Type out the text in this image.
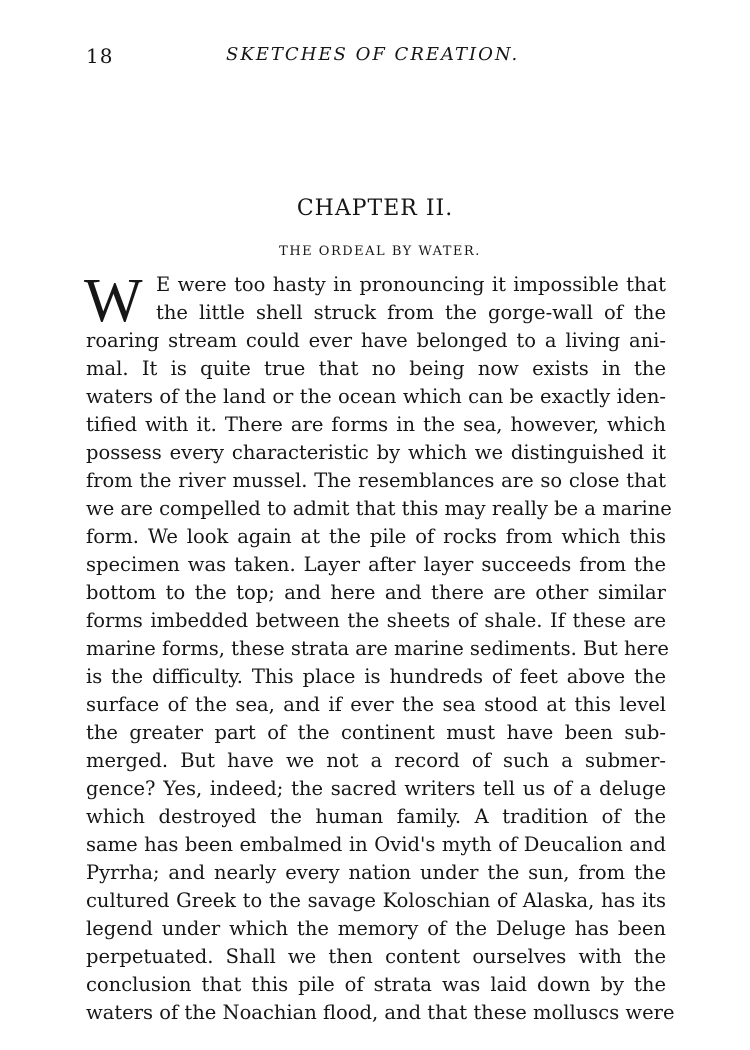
18	SKETCHES OF CREATION.
CHAPTER II.
THE ORDEAL BY WATER.
W E were too hasty in pronouncing it impossible that
the little shell struck from the gorge-wall of the
roaring stream could ever have belonged to a living ani-
mal. It is quite true that no being now exists in the
waters of the land or the ocean which can be exactly iden-
tified with it. There are forms in the sea, however, which
possess every characteristic by which we distinguished it
from the river mussel. The resemblances are so close that
we are compelled to admit that this may really be a marine
form. We look again at the pile of rocks from which this
specimen was taken. Layer after layer succeeds from the
bottom to the top; and here and there are other similar
forms imbedded between the sheets of shale. If these are
marine forms, these strata are marine sediments. But here
is the difficulty. This place is hundreds of feet above the
surface of the sea, and if ever the sea stood at this level
the greater part of the continent must have been sub-
merged. But have we not a record of such a submer-
gence? Yes, indeed; the sacred writers tell us of a deluge
which destroyed the human family. A tradition of the
same has been embalmed in Ovid's myth of Deucalion and
Pyrrha; and nearly every nation under the sun, from the
cultured Greek to the savage Koloschian of Alaska, has its
legend under which the memory of the Deluge has been
perpetuated. Shall we then content ourselves with the
conclusion that this pile of strata was laid down by the
waters of the Noachian flood, and that these molluscs were
